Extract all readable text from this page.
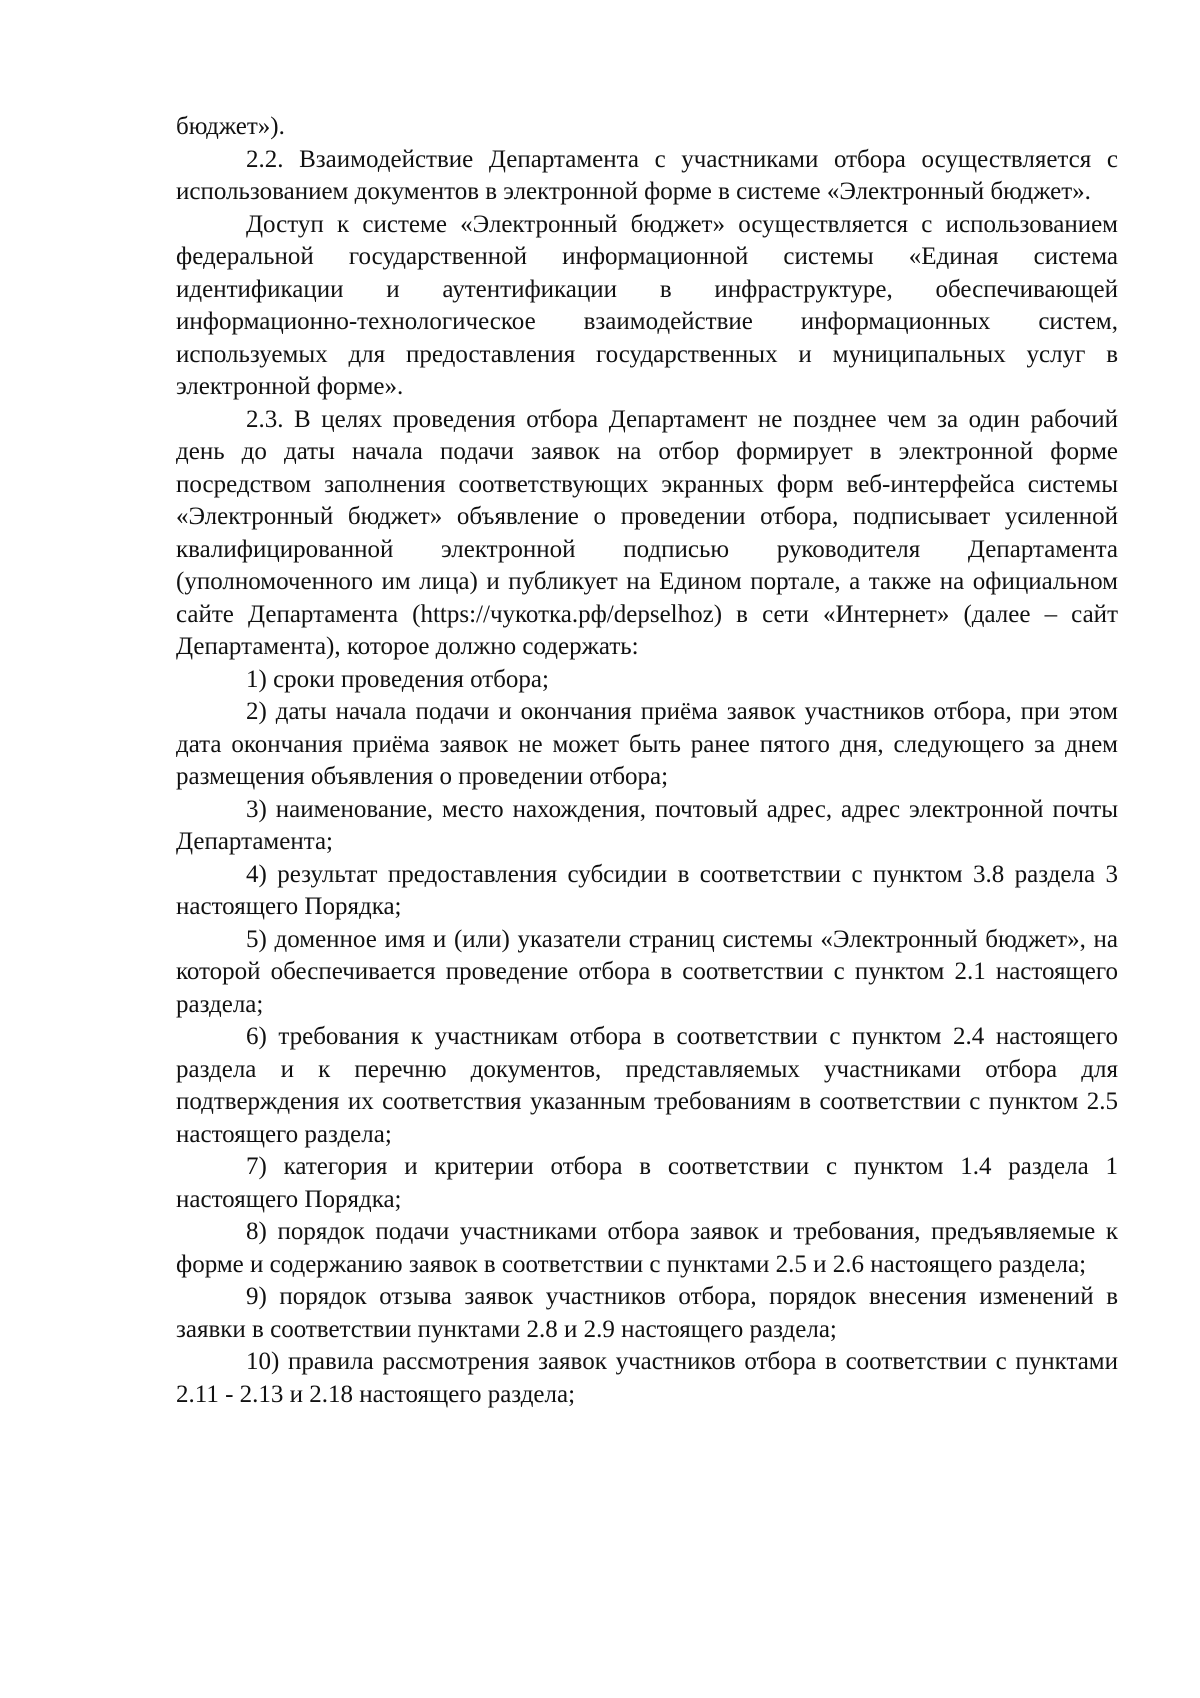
бюджет»).

2.2. Взаимодействие Департамента с участниками отбора осуществляется с использованием документов в электронной форме в системе «Электронный бюджет».

Доступ к системе «Электронный бюджет» осуществляется с использованием федеральной государственной информационной системы «Единая система идентификации и аутентификации в инфраструктуре, обеспечивающей информационно-технологическое взаимодействие информационных систем, используемых для предоставления государственных и муниципальных услуг в электронной форме».

2.3. В целях проведения отбора Департамент не позднее чем за один рабочий день до даты начала подачи заявок на отбор формирует в электронной форме посредством заполнения соответствующих экранных форм веб-интерфейса системы «Электронный бюджет» объявление о проведении отбора, подписывает усиленной квалифицированной электронной подписью руководителя Департамента (уполномоченного им лица) и публикует на Едином портале, а также на официальном сайте Департамента (https://чукотка.рф/depselhoz) в сети «Интернет» (далее – сайт Департамента), которое должно содержать:

1) сроки проведения отбора;

2) даты начала подачи и окончания приёма заявок участников отбора, при этом дата окончания приёма заявок не может быть ранее пятого дня, следующего за днем размещения объявления о проведении отбора;

3) наименование, место нахождения, почтовый адрес, адрес электронной почты Департамента;

4) результат предоставления субсидии в соответствии с пунктом 3.8 раздела 3 настоящего Порядка;

5) доменное имя и (или) указатели страниц системы «Электронный бюджет», на которой обеспечивается проведение отбора в соответствии с пунктом 2.1 настоящего раздела;

6) требования к участникам отбора в соответствии с пунктом 2.4 настоящего раздела и к перечню документов, представляемых участниками отбора для подтверждения их соответствия указанным требованиям в соответствии с пунктом 2.5 настоящего раздела;

7) категория и критерии отбора в соответствии с пунктом 1.4 раздела 1 настоящего Порядка;

8) порядок подачи участниками отбора заявок и требования, предъявляемые к форме и содержанию заявок в соответствии с пунктами 2.5 и 2.6 настоящего раздела;

9) порядок отзыва заявок участников отбора, порядок внесения изменений в заявки в соответствии пунктами 2.8 и 2.9 настоящего раздела;

10) правила рассмотрения заявок участников отбора в соответствии с пунктами 2.11 - 2.13 и 2.18 настоящего раздела;
